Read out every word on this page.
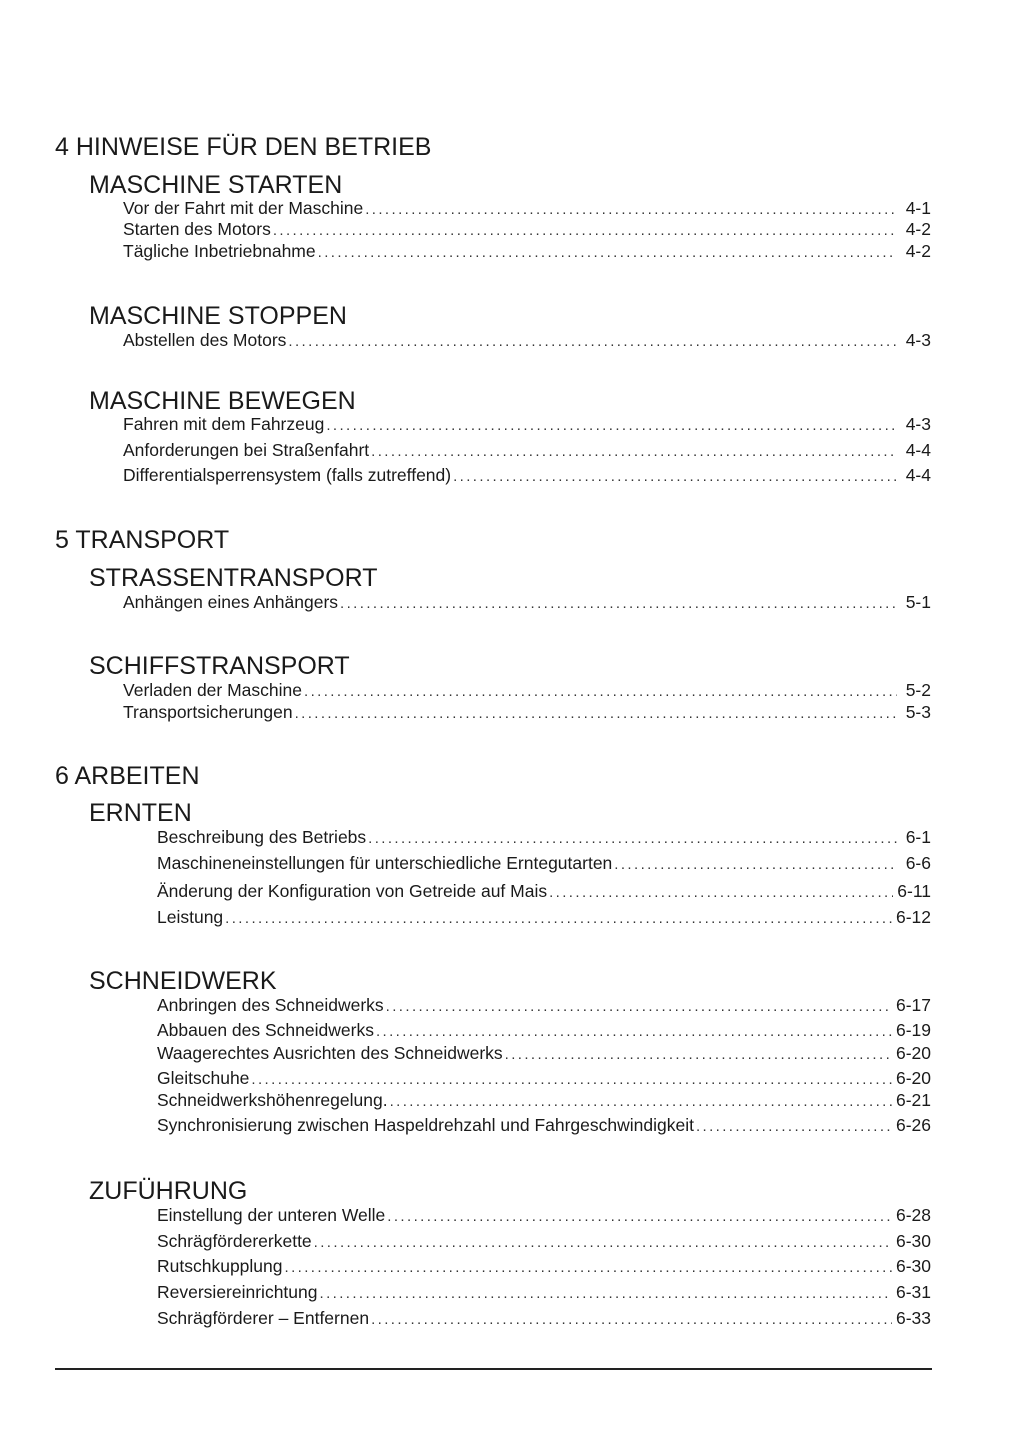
4 HINWEISE FÜR DEN BETRIEB
MASCHINE STARTEN
Vor der Fahrt mit der Maschine .....	4-1
Starten des Motors .....	4-2
Tägliche Inbetriebnahme .....	4-2
MASCHINE STOPPEN
Abstellen des Motors .....	4-3
MASCHINE BEWEGEN
Fahren mit dem Fahrzeug .....	4-3
Anforderungen bei Straßenfahrt .....	4-4
Differentialsperrensystem (falls zutreffend) .....	4-4
5 TRANSPORT
STRASSENTRANSPORT
Anhängen eines Anhängers .....	5-1
SCHIFFSTRANSPORT
Verladen der Maschine .....	5-2
Transportsicherungen .....	5-3
6 ARBEITEN
ERNTEN
Beschreibung des Betriebs .....	6-1
Maschineneinstellungen für unterschiedliche Erntegutarten .....	6-6
Änderung der Konfiguration von Getreide auf Mais .....	6-11
Leistung .....	6-12
SCHNEIDWERK
Anbringen des Schneidwerks .....	6-17
Abbauen des Schneidwerks .....	6-19
Waagerechtes Ausrichten des Schneidwerks .....	6-20
Gleitschuhe .....	6-20
Schneidwerkshöhenregelung. .....	6-21
Synchronisierung zwischen Haspeldrehzahl und Fahrgeschwindigkeit .....	6-26
ZUFÜHRUNG
Einstellung der unteren Welle .....	6-28
Schrägfördererkette .....	6-30
Rutschkupplung .....	6-30
Reversiereinrichtung .....	6-31
Schrägförderer – Entfernen .....	6-33
